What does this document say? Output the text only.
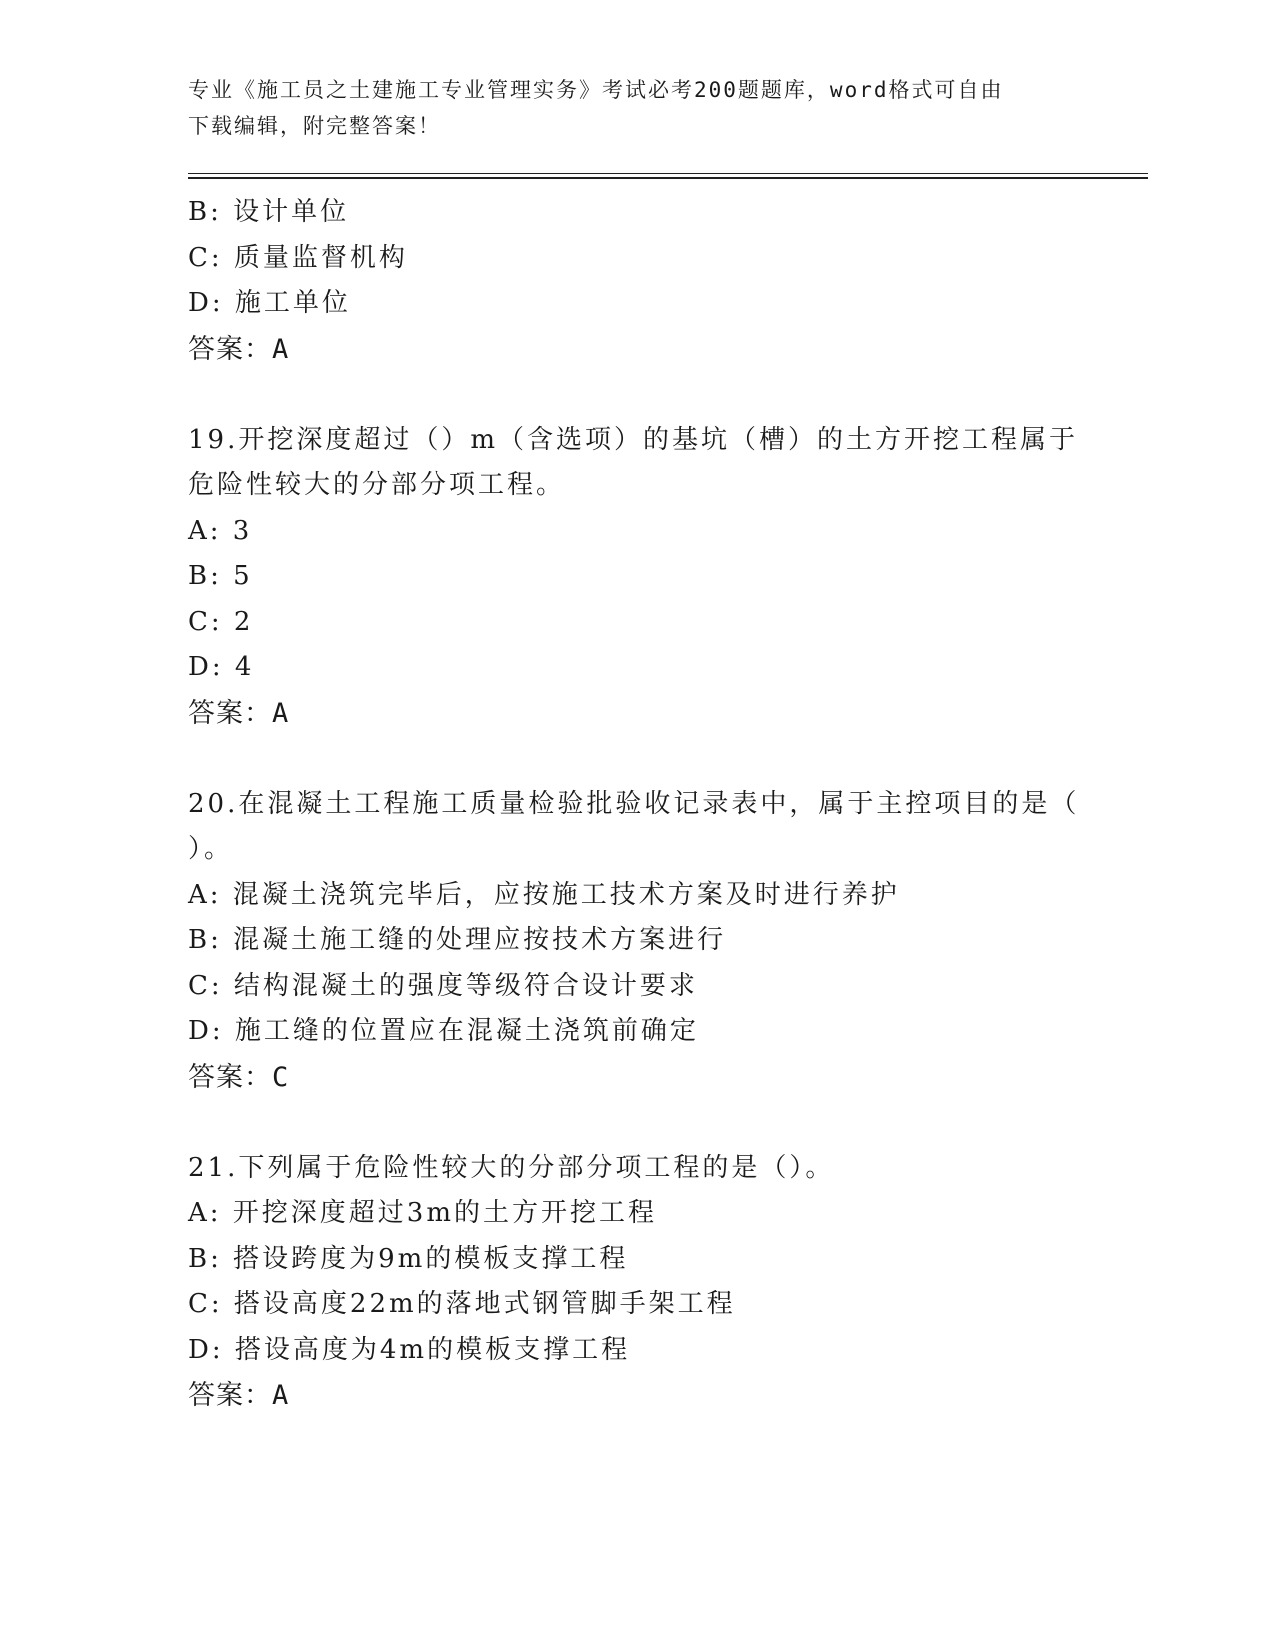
专业《施工员之土建施工专业管理实务》考试必考200题题库，word格式可自由
下载编辑，附完整答案！
B: 设计单位
C: 质量监督机构
D: 施工单位
答案：A
19.开挖深度超过（）m（含选项）的基坑（槽）的土方开挖工程属于
危险性较大的分部分项工程。
A: 3
B: 5
C: 2
D: 4
答案：A
20.在混凝土工程施工质量检验批验收记录表中，属于主控项目的是（
）。
A: 混凝土浇筑完毕后，应按施工技术方案及时进行养护
B: 混凝土施工缝的处理应按技术方案进行
C: 结构混凝土的强度等级符合设计要求
D: 施工缝的位置应在混凝土浇筑前确定
答案：C
21.下列属于危险性较大的分部分项工程的是（）。
A: 开挖深度超过3m的土方开挖工程
B: 搭设跨度为9m的模板支撑工程
C: 搭设高度22m的落地式钢管脚手架工程
D: 搭设高度为4m的模板支撑工程
答案：A
